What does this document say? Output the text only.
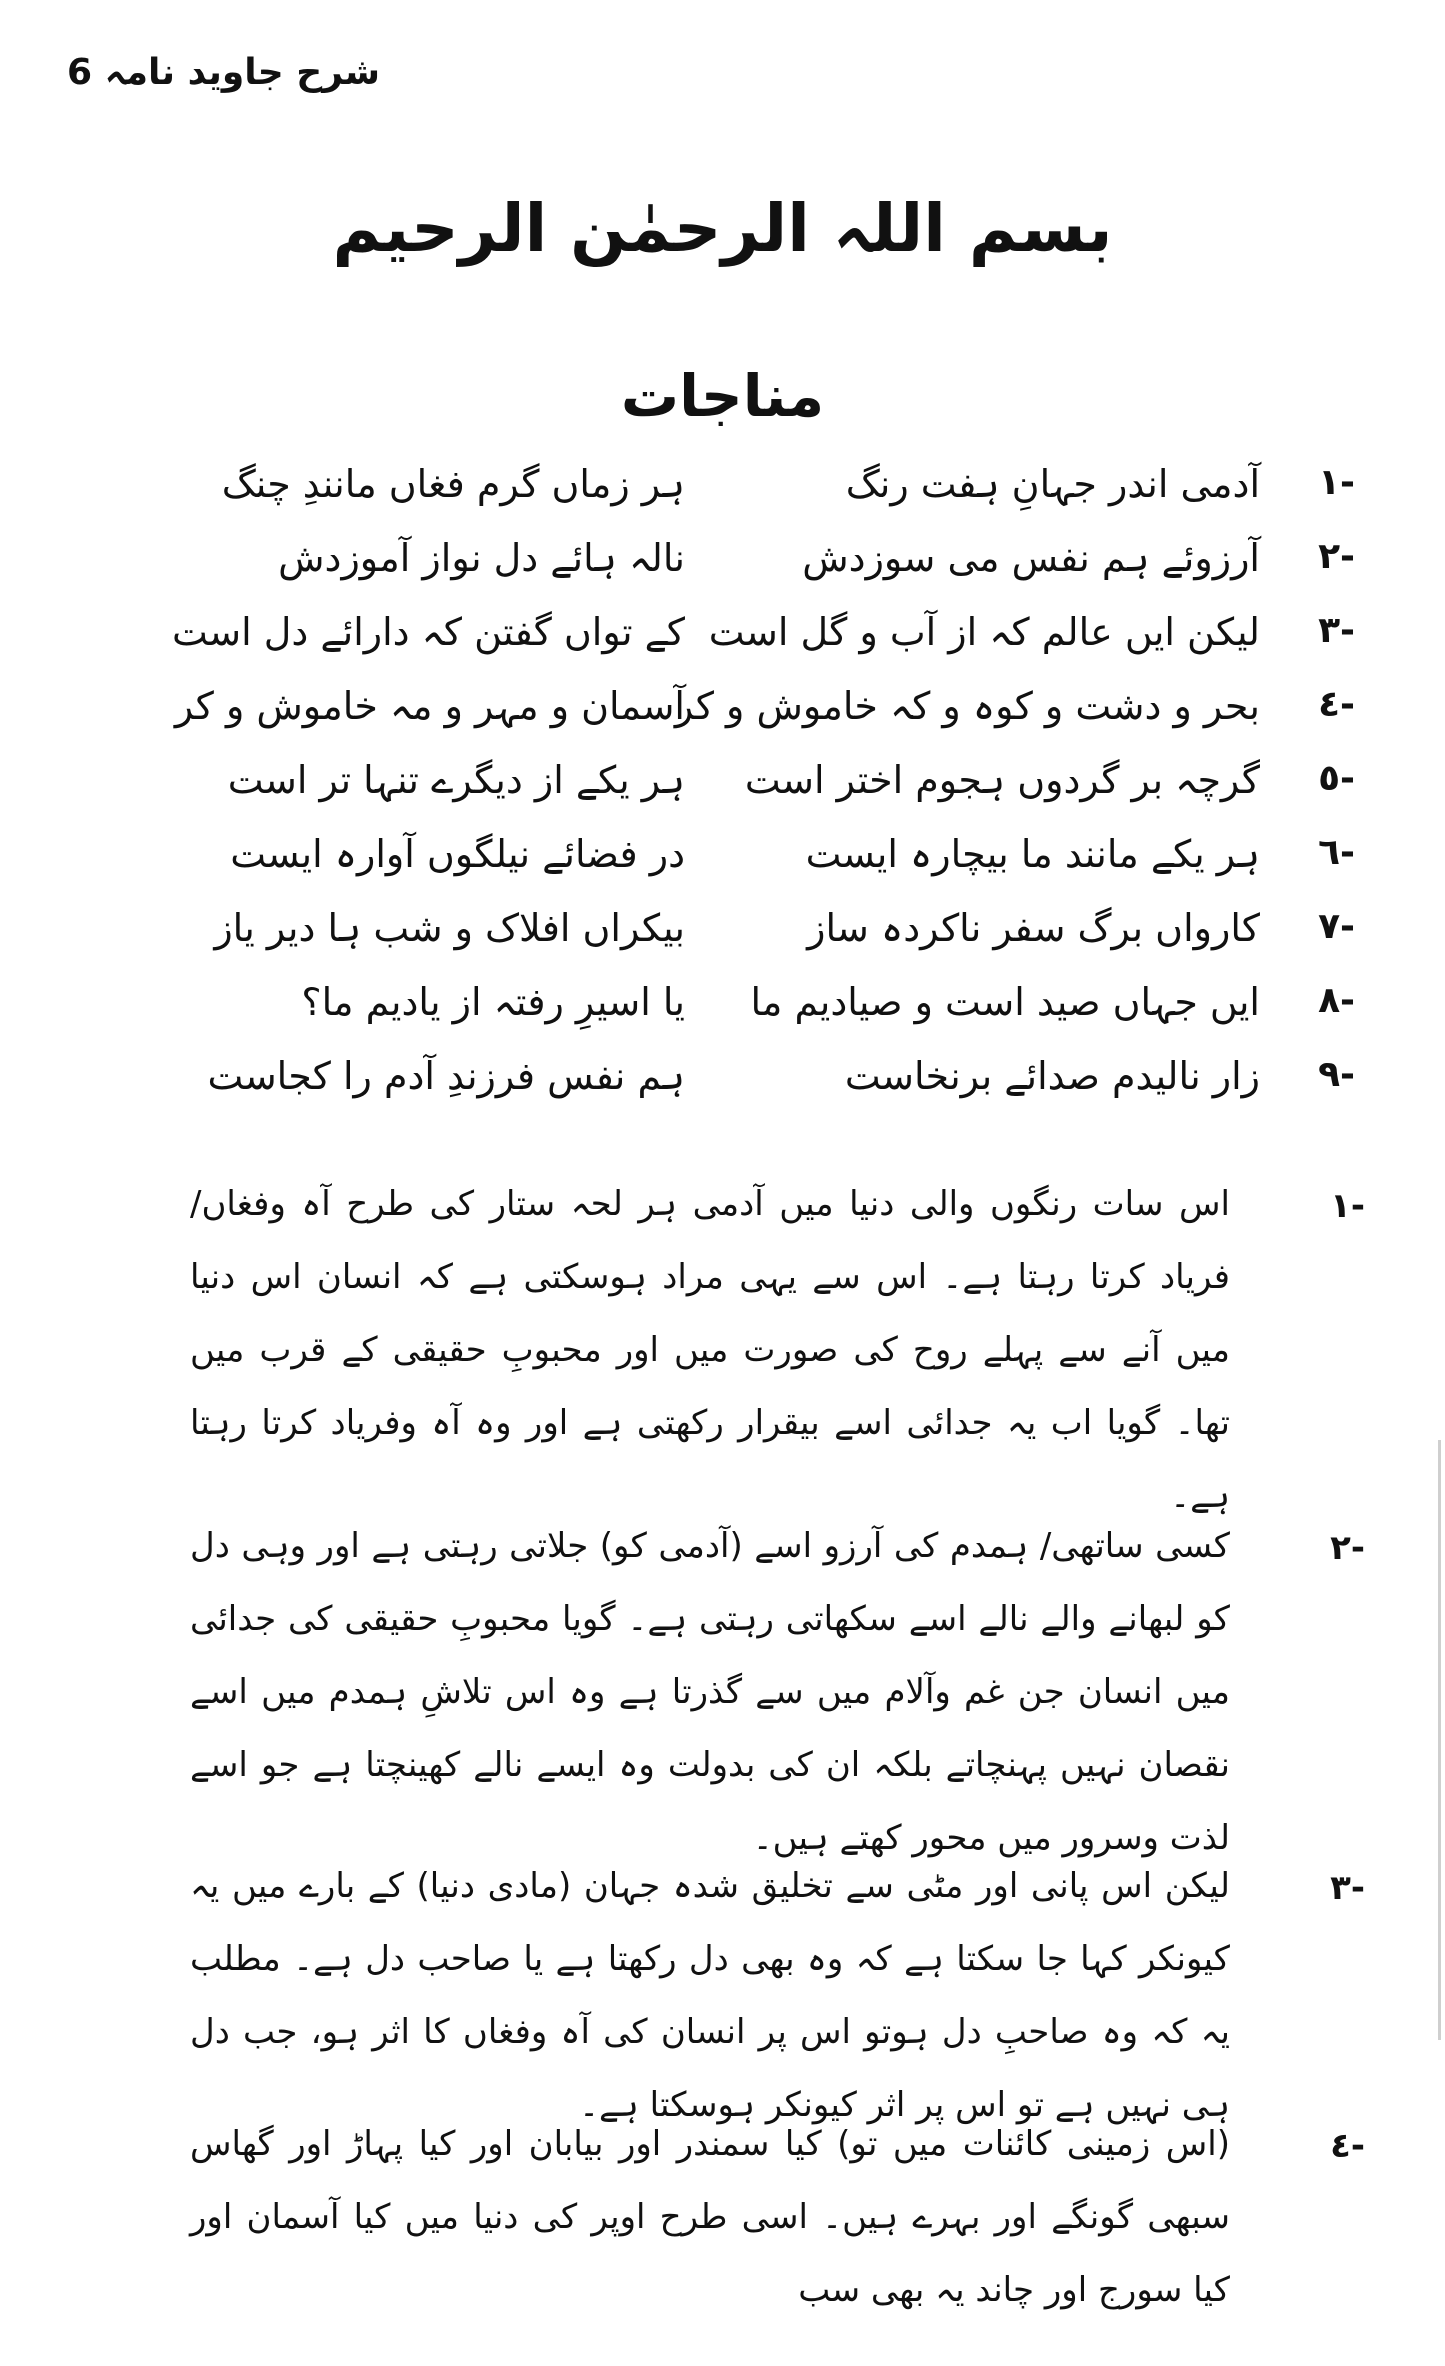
شرح جاوید نامہ 6
بسم اللہ الرحمٰن الرحیم
مناجات
-١
آدمی اندر جہانِ ہفت رنگ
ہر زماں گرم فغاں مانندِ چنگ
-٢
آرزوئے ہم نفس می سوزدش
نالہ ہائے دل نواز آموزدش
-٣
لیکن ایں عالم کہ از آب و گل است
کے تواں گفتن کہ دارائے دل است
-٤
بحر و دشت و کوہ و کہ خاموش و کر
آسمان و مہر و مہ خاموش و کر
-٥
گرچہ بر گردوں ہجوم اختر است
ہر یکے از دیگرے تنہا تر است
-٦
ہر یکے مانند ما بیچارہ ایست
در فضائے نیلگوں آوارہ ایست
-٧
کارواں برگ سفر ناکردہ ساز
بیکراں افلاک و شب ہا دیر یاز
-٨
ایں جہاں صید است و صیادیم ما
یا اسیرِ رفتہ از یادیم ما؟
-٩
زار نالیدم صدائے برنخاست
ہم نفس فرزندِ آدم را کجاست
-١
اس سات رنگوں والی دنیا میں آدمی ہر لحہ ستار کی طرح آہ وفغاں/فریاد کرتا رہتا ہے۔ اس سے یہی مراد ہوسکتی ہے کہ انسان اس دنیا میں آنے سے پہلے روح کی صورت میں اور محبوبِ حقیقی کے قرب میں تھا۔ گویا اب یہ جدائی اسے بیقرار رکھتی ہے اور وہ آہ وفریاد کرتا رہتا ہے۔
-٢
کسی ساتھی/ ہمدم کی آرزو اسے (آدمی کو) جلاتی رہتی ہے اور وہی دل کو لبھانے والے نالے اسے سکھاتی رہتی ہے۔ گویا محبوبِ حقیقی کی جدائی میں انسان جن غم وآلام میں سے گذرتا ہے وہ اس تلاشِ ہمدم میں اسے نقصان نہیں پہنچاتے بلکہ ان کی بدولت وہ ایسے نالے کھینچتا ہے جو اسے لذت وسرور میں محور کھتے ہیں۔
-٣
لیکن اس پانی اور مٹی سے تخلیق شدہ جہان (مادی دنیا) کے بارے میں یہ کیونکر کہا جا سکتا ہے کہ وہ بھی دل رکھتا ہے یا صاحب دل ہے۔ مطلب یہ کہ وہ صاحبِ دل ہوتو اس پر انسان کی آہ وفغاں کا اثر ہو، جب دل ہی نہیں ہے تو اس پر اثر کیونکر ہوسکتا ہے۔
-٤
(اس زمینی کائنات میں تو) کیا سمندر اور بیابان اور کیا پہاڑ اور گھاس سبھی گونگے اور بہرے ہیں۔ اسی طرح اوپر کی دنیا میں کیا آسمان اور کیا سورج اور چاند یہ بھی سب
